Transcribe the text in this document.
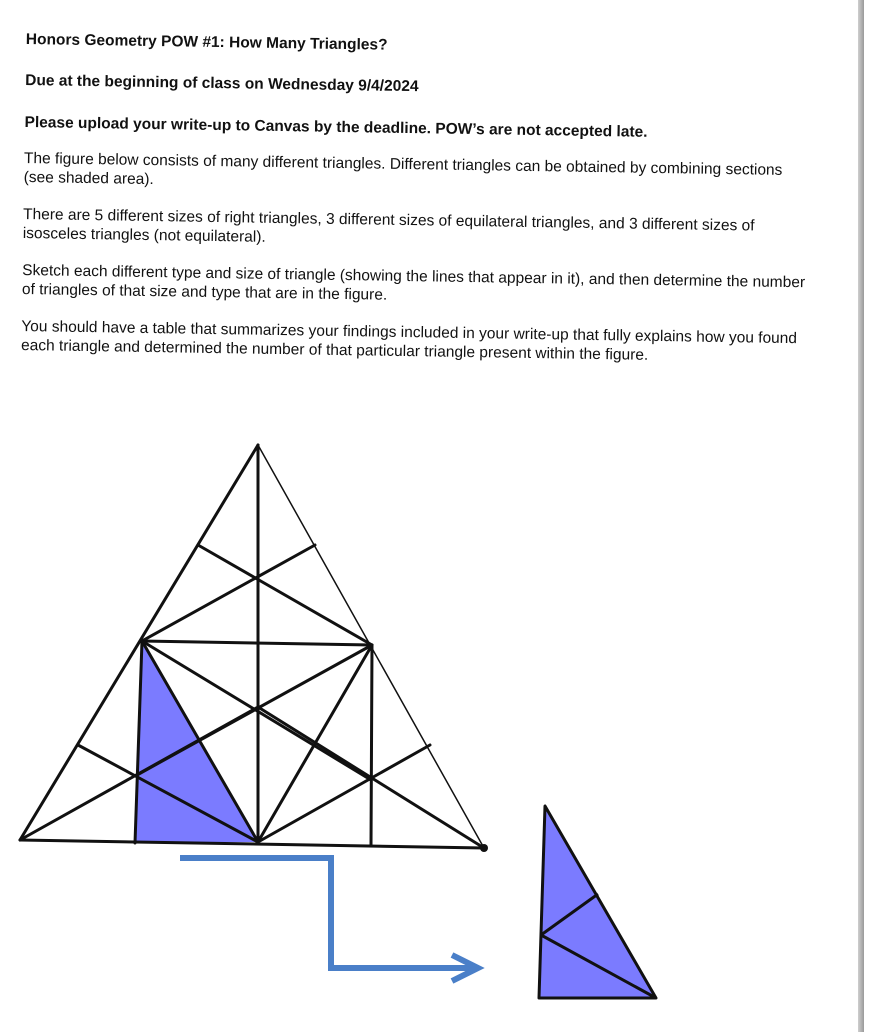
Honors Geometry POW #1: How Many Triangles?

Due at the beginning of class on Wednesday 9/4/2024

Please upload your write-up to Canvas by the deadline. POW’s are not accepted late.

The figure below consists of many different triangles. Different triangles can be obtained by combining sections (see shaded area).

There are 5 different sizes of right triangles, 3 different sizes of equilateral triangles, and 3 different sizes of isosceles triangles (not equilateral).

Sketch each different type and size of triangle (showing the lines that appear in it), and then determine the number of triangles of that size and type that are in the figure.

You should have a table that summarizes your findings included in your write-up that fully explains how you found each triangle and determined the number of that particular triangle present within the figure.
